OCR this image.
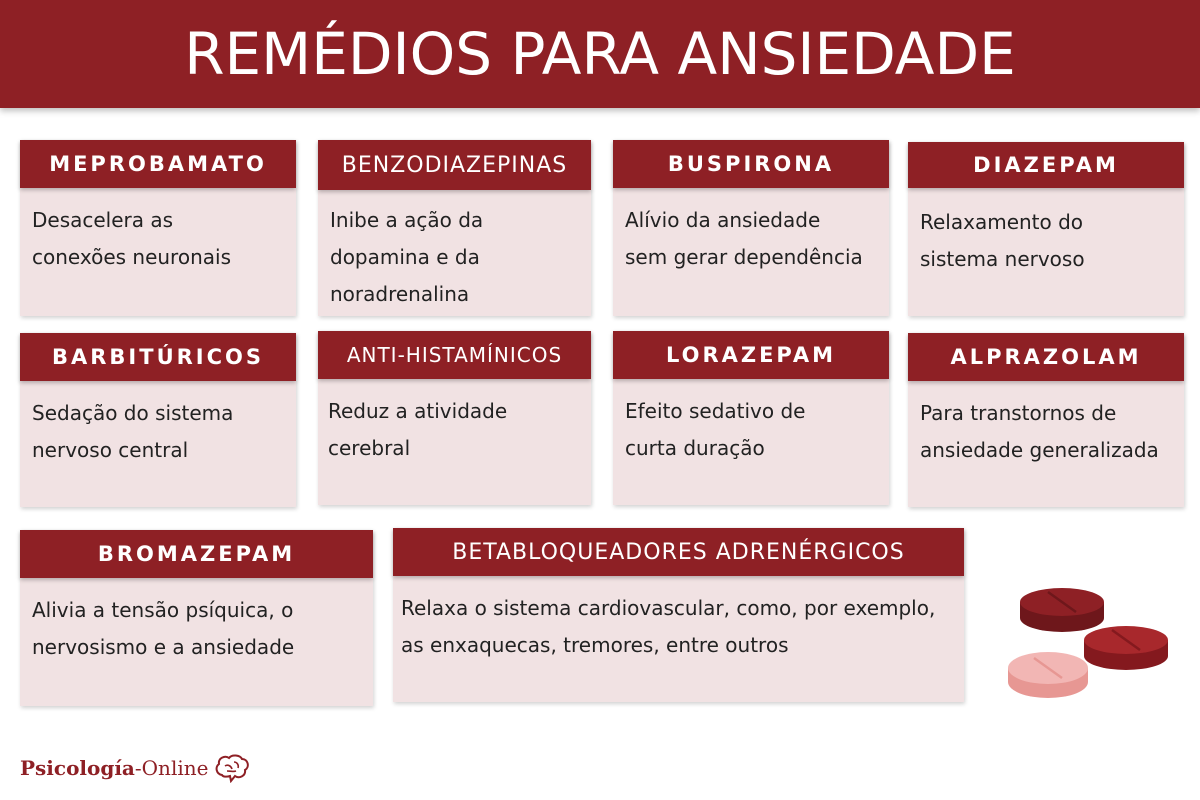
REMÉDIOS PARA ANSIEDADE
MEPROBAMATO
Desacelera as conexões neuronais
BENZODIAZEPINAS
Inibe a ação da dopamina e da noradrenalina
BUSPIRONA
Alívio da ansiedade sem gerar dependência
DIAZEPAM
Relaxamento do sistema nervoso
BARBITÚRICOS
Sedação do sistema nervoso central
ANTI-HISTAMÍNICOS
Reduz a atividade cerebral
LORAZEPAM
Efeito sedativo de curta duração
ALPRAZOLAM
Para transtornos de ansiedade generalizada
BROMAZEPAM
Alivia a tensão psíquica, o nervosismo e a ansiedade
BETABLOQUEADORES ADRENÉRGICOS
Relaxa o sistema cardiovascular, como, por exemplo, as enxaquecas, tremores, entre outros
Psicología-Online
